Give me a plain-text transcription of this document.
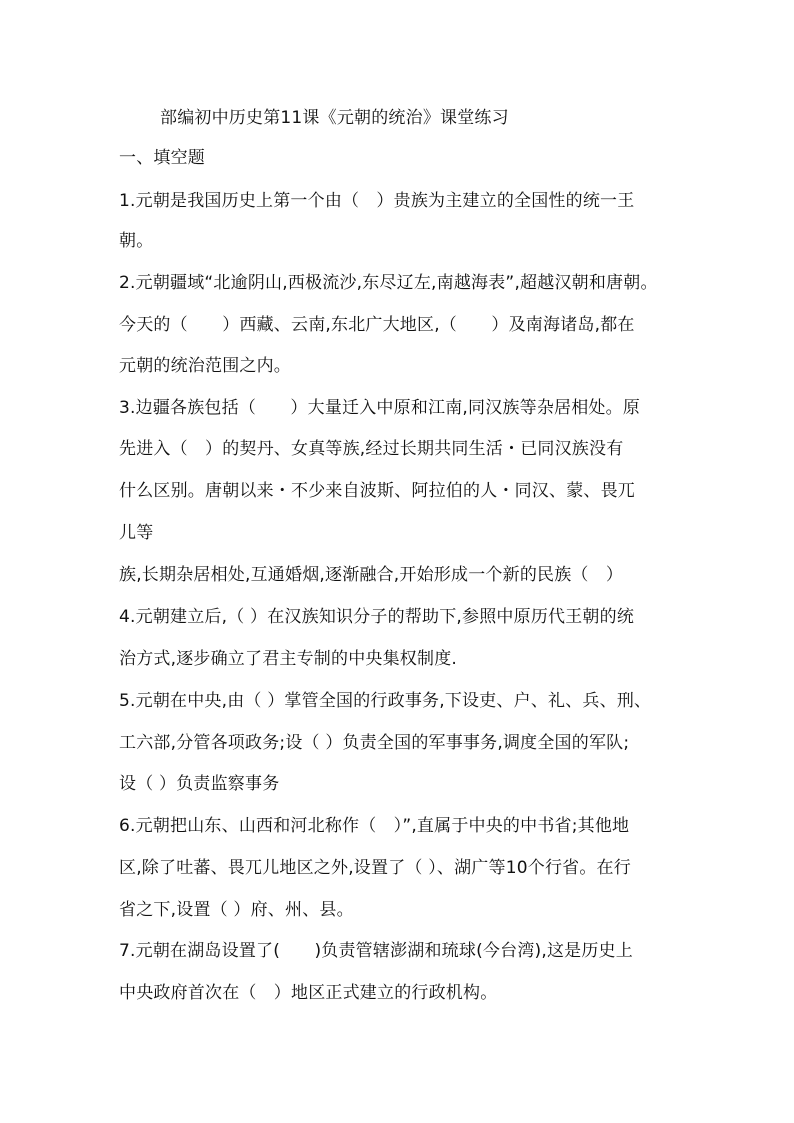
部编初中历史第11课《元朝的统治》课堂练习
一、填空题
1.元朝是我国历史上第一个由（　）贵族为主建立的全国性的统一王
朝。
2.元朝疆域“北逾阴山,西极流沙,东尽辽左,南越海表”,超越汉朝和唐朝。
今天的（　　）西藏、云南,东北广大地区,（　　）及南海诸岛,都在
元朝的统治范围之内。
3.边疆各族包括（　　）大量迁入中原和江南,同汉族等杂居相处。原
先进入（　）的契丹、女真等族,经过长期共同生活・已同汉族没有
什么区别。唐朝以来・不少来自波斯、阿拉伯的人・同汉、蒙、畏兀
儿等
族,长期杂居相处,互通婚烟,逐渐融合,开始形成一个新的民族（　）
4.元朝建立后,（ ）在汉族知识分子的帮助下,参照中原历代王朝的统
治方式,逐步确立了君主专制的中央集权制度.
5.元朝在中央,由（ ）掌管全国的行政事务,下设吏、户、礼、兵、刑、
工六部,分管各项政务;设（ ）负责全国的军事事务,调度全国的军队;
设（ ）负责监察事务
6.元朝把山东、山西和河北称作（　）”,直属于中央的中书省;其他地
区,除了吐蕃、畏兀儿地区之外,设置了（ ）、湖广等10个行省。在行
省之下,设置（ ）府、州、县。
7.元朝在湖岛设置了(　　)负责管辖澎湖和琉球(今台湾),这是历史上
中央政府首次在（　）地区正式建立的行政机构。
